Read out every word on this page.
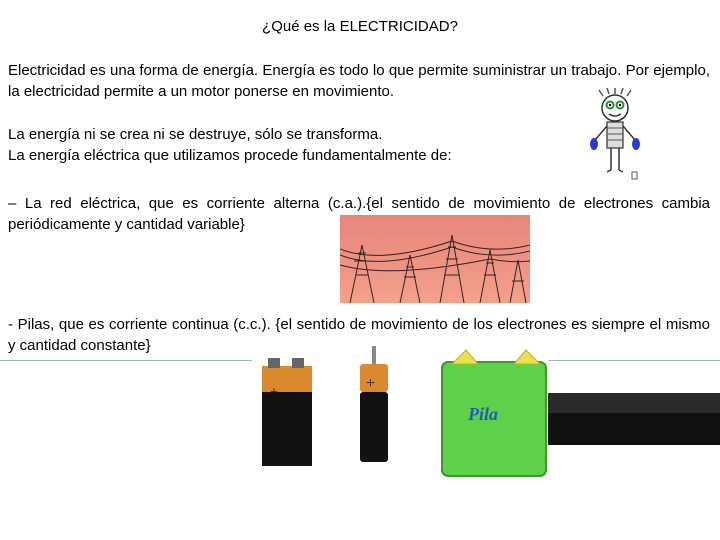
¿Qué es la ELECTRICIDAD?
Electricidad es una forma de energía. Energía es todo lo que permite suministrar un trabajo. Por ejemplo, la electricidad permite a un motor ponerse en movimiento.
La energía ni se crea ni se destruye, sólo se transforma.
La energía eléctrica que utilizamos procede fundamentalmente de:
– La red eléctrica, que es corriente alterna (c.a.).{el sentido de movimiento de electrones cambia periódicamente y cantidad variable}
- Pilas, que es corriente continua (c.c.). {el sentido de movimiento de los electrones es siempre el mismo y cantidad constante}
+ -
+
Pila
